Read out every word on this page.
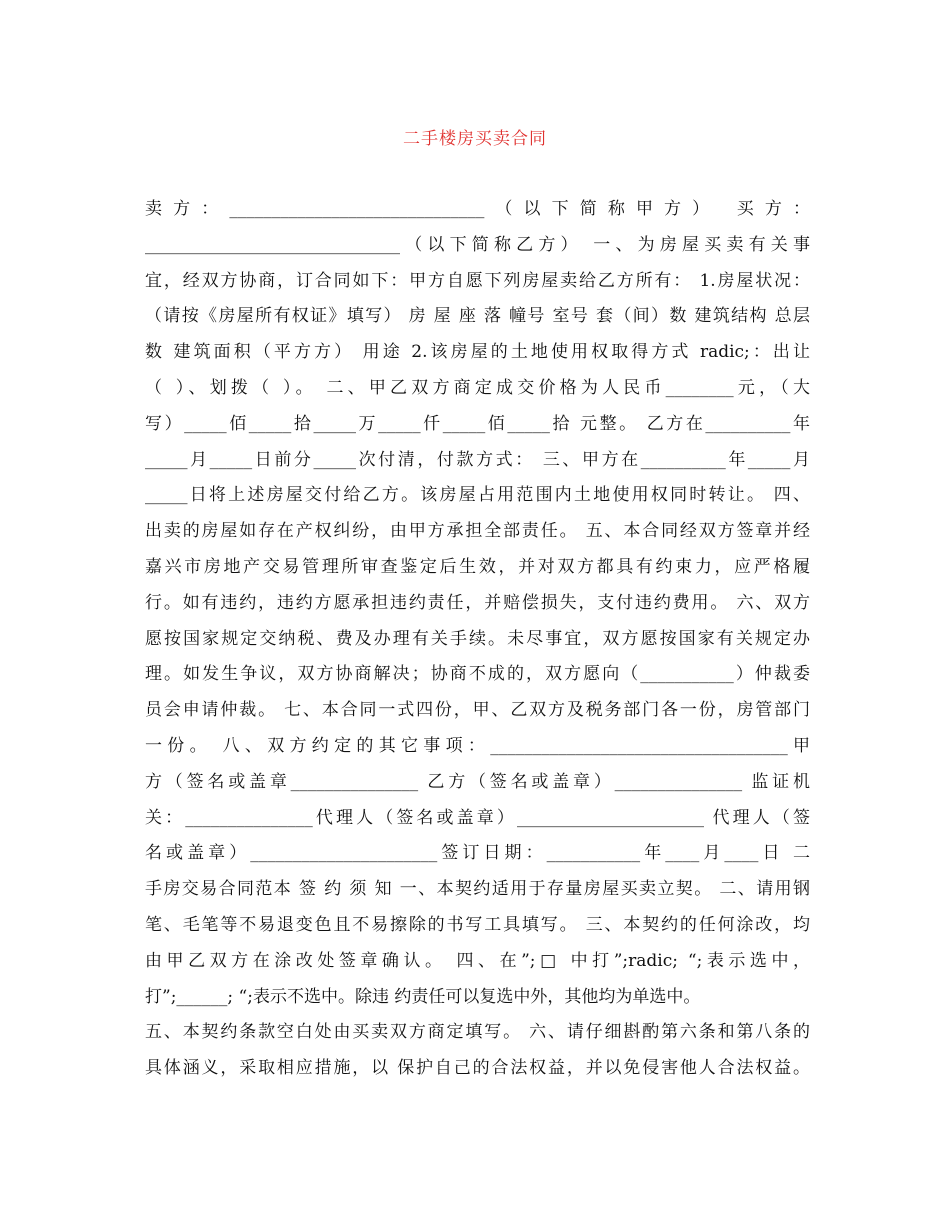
二手楼房买卖合同
卖方：______________________________（以下简称甲方） 买方：
______________________________（以下简称乙方） 一、为房屋买卖有关事
宜，经双方协商，订合同如下：甲方自愿下列房屋卖给乙方所有： 1.房屋状况：
（请按《房屋所有权证》填写） 房 屋 座 落 幢号 室号 套（间）数 建筑结构 总层
数 建筑面积（平方方） 用途 2.该房屋的土地使用权取得方式 radic;：出让
（ ）、划拨（ ）。 二、甲乙双方商定成交价格为人民币________元，（大
写）_____佰_____拾_____万_____仟_____佰_____拾 元整。 乙方在__________年
_____月_____日前分_____次付清，付款方式： 三、甲方在__________年_____月
_____日将上述房屋交付给乙方。该房屋占用范围内土地使用权同时转让。 四、
出卖的房屋如存在产权纠纷，由甲方承担全部责任。 五、本合同经双方签章并经
嘉兴市房地产交易管理所审查鉴定后生效，并对双方都具有约束力，应严格履
行。如有违约，违约方愿承担违约责任，并赔偿损失，支付违约费用。 六、双方
愿按国家规定交纳税、费及办理有关手续。未尽事宜，双方愿按国家有关规定办
理。如发生争议，双方协商解决；协商不成的，双方愿向（___________）仲裁委
员会申请仲裁。 七、本合同一式四份，甲、乙双方及税务部门各一份，房管部门
一份。 八、双方约定的其它事项：___________________________________甲
方（签名或盖章_______________ 乙方（签名或盖章）_______________ 监证机
关：_______________代理人（签名或盖章）______________________ 代理人（签
名或盖章）______________________签订日期：___________年____月____日 二
手房交易合同范本 签 约 须 知 一、本契约适用于存量房屋买卖立契。 二、请用钢
笔、毛笔等不易退变色且不易擦除的书写工具填写。 三、本契约的任何涂改，均
由甲乙双方在涂改处签章确认。 四、在”;□ 中打”;radic; “;表示选中，
打”;______; “;表示不选中。除违 约责任可以复选中外，其他均为单选中。
五、本契约条款空白处由买卖双方商定填写。 六、请仔细斟酌第六条和第八条的
具体涵义，采取相应措施，以 保护自己的合法权益，并以免侵害他人合法权益。
